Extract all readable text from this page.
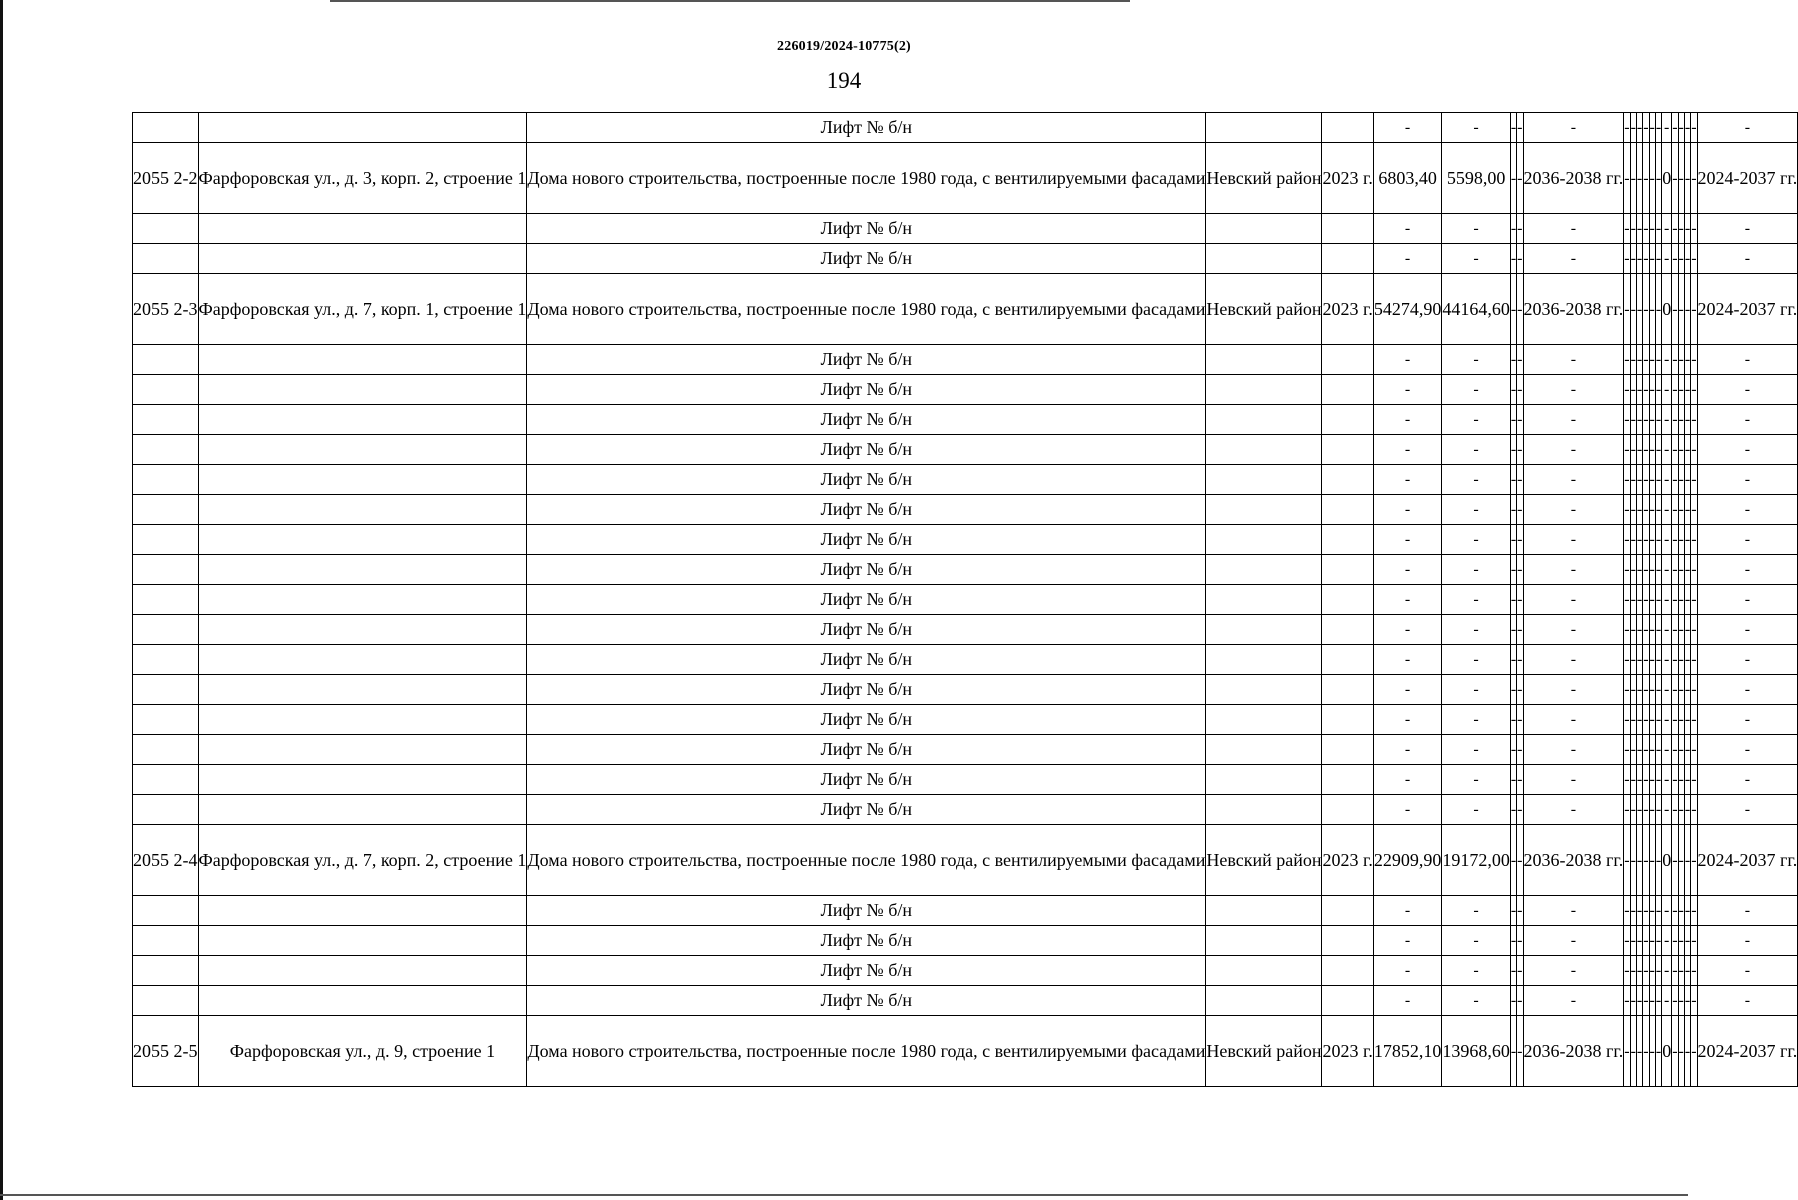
226019/2024-10775(2)
194
		Лифт № б/н			-	-	-	-	-	-	-	-	-	-	-	-	-	-	-	-	-
2055 2-2	Фарфоровская ул., д. 3, корп. 2, строение 1	Дома нового строительства, построенные после 1980 года, с вентилируемыми фасадами	Невский район	2023 г.	6803,40	5598,00	-	-	2036-2038 гг.	-	-	-	-	-	-	0	-	-	-	-	2024-2037 гг.
		Лифт № б/н			-	-	-	-	-	-	-	-	-	-	-	-	-	-	-	-	-
		Лифт № б/н			-	-	-	-	-	-	-	-	-	-	-	-	-	-	-	-	-
2055 2-3	Фарфоровская ул., д. 7, корп. 1, строение 1	Дома нового строительства, построенные после 1980 года, с вентилируемыми фасадами	Невский район	2023 г.	54274,90	44164,60	-	-	2036-2038 гг.	-	-	-	-	-	-	0	-	-	-	-	2024-2037 гг.
		Лифт № б/н			-	-	-	-	-	-	-	-	-	-	-	-	-	-	-	-	-
		Лифт № б/н			-	-	-	-	-	-	-	-	-	-	-	-	-	-	-	-	-
		Лифт № б/н			-	-	-	-	-	-	-	-	-	-	-	-	-	-	-	-	-
		Лифт № б/н			-	-	-	-	-	-	-	-	-	-	-	-	-	-	-	-	-
		Лифт № б/н			-	-	-	-	-	-	-	-	-	-	-	-	-	-	-	-	-
		Лифт № б/н			-	-	-	-	-	-	-	-	-	-	-	-	-	-	-	-	-
		Лифт № б/н			-	-	-	-	-	-	-	-	-	-	-	-	-	-	-	-	-
		Лифт № б/н			-	-	-	-	-	-	-	-	-	-	-	-	-	-	-	-	-
		Лифт № б/н			-	-	-	-	-	-	-	-	-	-	-	-	-	-	-	-	-
		Лифт № б/н			-	-	-	-	-	-	-	-	-	-	-	-	-	-	-	-	-
		Лифт № б/н			-	-	-	-	-	-	-	-	-	-	-	-	-	-	-	-	-
		Лифт № б/н			-	-	-	-	-	-	-	-	-	-	-	-	-	-	-	-	-
		Лифт № б/н			-	-	-	-	-	-	-	-	-	-	-	-	-	-	-	-	-
		Лифт № б/н			-	-	-	-	-	-	-	-	-	-	-	-	-	-	-	-	-
		Лифт № б/н			-	-	-	-	-	-	-	-	-	-	-	-	-	-	-	-	-
		Лифт № б/н			-	-	-	-	-	-	-	-	-	-	-	-	-	-	-	-	-
2055 2-4	Фарфоровская ул., д. 7, корп. 2, строение 1	Дома нового строительства, построенные после 1980 года, с вентилируемыми фасадами	Невский район	2023 г.	22909,90	19172,00	-	-	2036-2038 гг.	-	-	-	-	-	-	0	-	-	-	-	2024-2037 гг.
		Лифт № б/н			-	-	-	-	-	-	-	-	-	-	-	-	-	-	-	-	-
		Лифт № б/н			-	-	-	-	-	-	-	-	-	-	-	-	-	-	-	-	-
		Лифт № б/н			-	-	-	-	-	-	-	-	-	-	-	-	-	-	-	-	-
		Лифт № б/н			-	-	-	-	-	-	-	-	-	-	-	-	-	-	-	-	-
2055 2-5	Фарфоровская ул., д. 9, строение 1	Дома нового строительства, построенные после 1980 года, с вентилируемыми фасадами	Невский район	2023 г.	17852,10	13968,60	-	-	2036-2038 гг.	-	-	-	-	-	-	0	-	-	-	-	2024-2037 гг.
